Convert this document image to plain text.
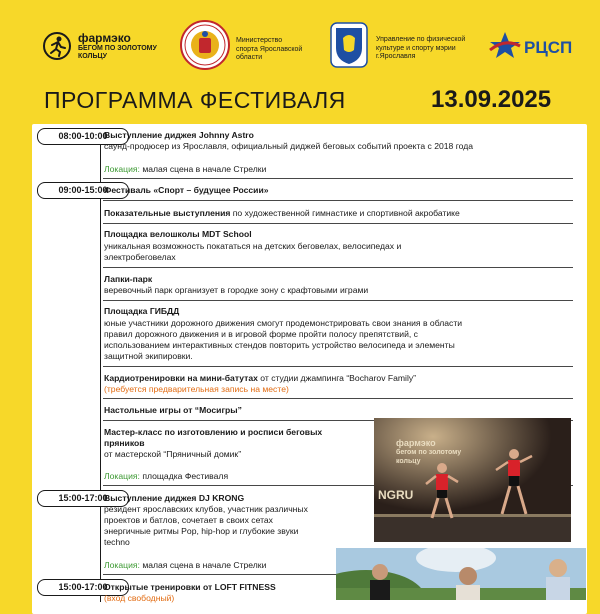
фармэко
БЕГОМ ПО ЗОЛОТОМУ КОЛЬЦУ
Министерство спорта Ярославской области
Управление по физической культуре и спорту мэрии г.Ярославля	РЦСП
ПРОГРАММА ФЕСТИВАЛЯ	13.09.2025
08:00-10:00
Выступление диджея Johnny Astro
саунд-продюсер из Ярославля, официальный диджей беговых событий проекта с 2018 года
Локация: малая сцена в начале Стрелки
09:00-15:00
Фестиваль «Спорт – будущее России»
Показательные выступления по художественной гимнастике и спортивной акробатике
Площадка велошколы MDT School
уникальная возможность покататься на детских беговелах, велосипедах и
электробеговелах
Лапки-парк
веревочный парк организует в городке зону с крафтовыми играми
Площадка ГИБДД
юные участники дорожного движения смогут продемонстрировать свои знания в области
правил дорожного движения и в игровой форме пройти полосу препятствий, с
использованием интерактивных стендов повторить устройство велосипеда и элементы
защитной экипировки.
Кардиотренировки на мини-батутах от студии джампинга “Bocharov Family”
(требуется предварительная запись на месте)
Настольные игры от “Мосигры”
Мастер-класс по изготовлению и росписи беговых
пряников
от мастерской “Пряничный домик”
Локация: площадка Фестиваля
15:00-17:00
Выступление диджея DJ KRONG
резидент ярославских клубов, участник различных
проектов и батлов, сочетает в своих сетах
энергичные ритмы Pop, hip-hop и глубокие звуки
techno
Локация: малая сцена в начале Стрелки
15:00-17:00
Открытые тренировки от LOFT FITNESS
(вход свободный)
фармэко
бегом по золотому
кольцу
NGRU
